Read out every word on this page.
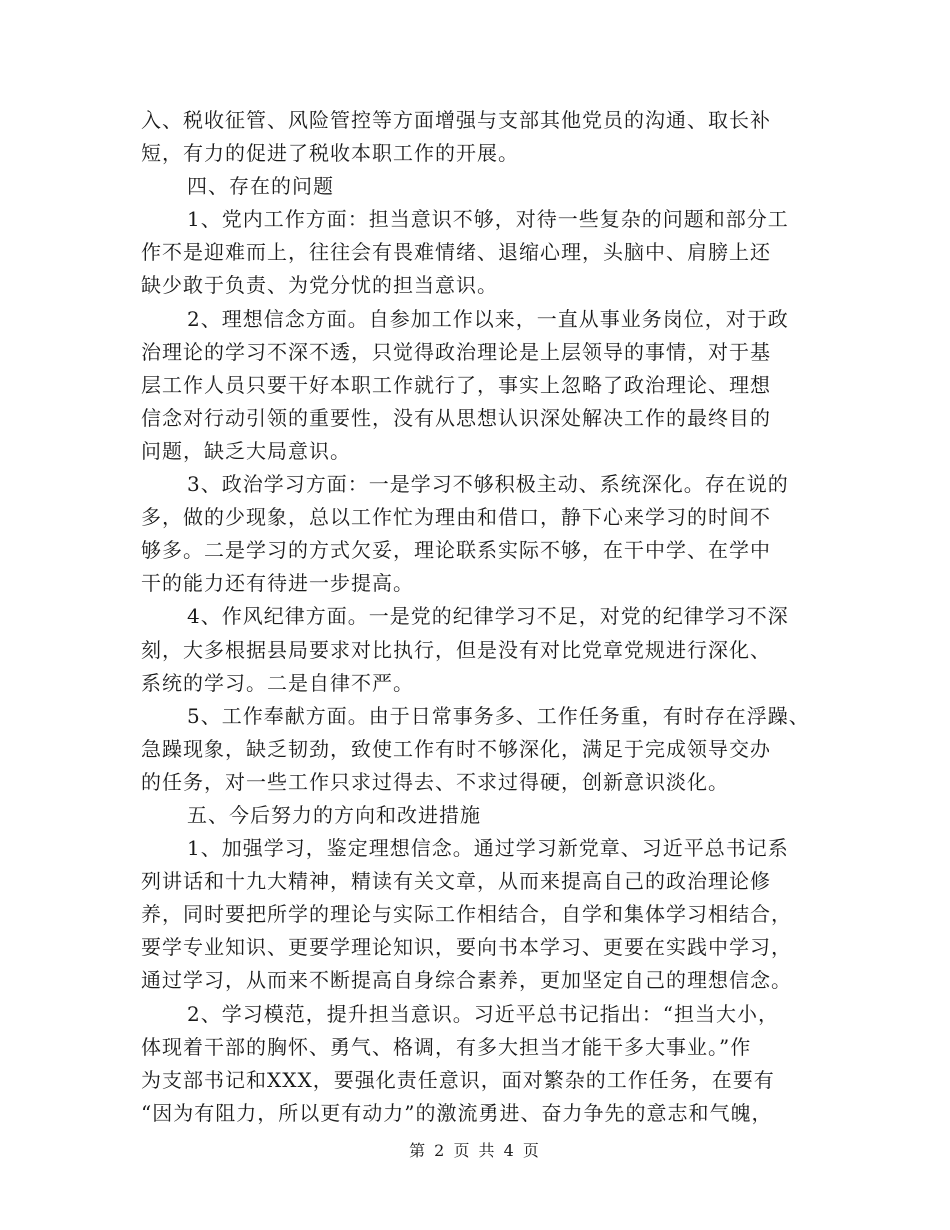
入、税收征管、风险管控等方面增强与支部其他党员的沟通、取长补
短，有力的促进了税收本职工作的开展。
四、存在的问题
1、党内工作方面：担当意识不够，对待一些复杂的问题和部分工
作不是迎难而上，往往会有畏难情绪、退缩心理，头脑中、肩膀上还
缺少敢于负责、为党分忧的担当意识。
2、理想信念方面。自参加工作以来，一直从事业务岗位，对于政
治理论的学习不深不透，只觉得政治理论是上层领导的事情，对于基
层工作人员只要干好本职工作就行了，事实上忽略了政治理论、理想
信念对行动引领的重要性，没有从思想认识深处解决工作的最终目的
问题，缺乏大局意识。
3、政治学习方面：一是学习不够积极主动、系统深化。存在说的
多，做的少现象，总以工作忙为理由和借口，静下心来学习的时间不
够多。二是学习的方式欠妥，理论联系实际不够，在干中学、在学中
干的能力还有待进一步提高。
4、作风纪律方面。一是党的纪律学习不足，对党的纪律学习不深
刻，大多根据县局要求对比执行，但是没有对比党章党规进行深化、
系统的学习。二是自律不严。
5、工作奉献方面。由于日常事务多、工作任务重，有时存在浮躁、
急躁现象，缺乏韧劲，致使工作有时不够深化，满足于完成领导交办
的任务，对一些工作只求过得去、不求过得硬，创新意识淡化。
五、今后努力的方向和改进措施
1、加强学习，鉴定理想信念。通过学习新党章、习近平总书记系
列讲话和十九大精神，精读有关文章，从而来提高自己的政治理论修
养，同时要把所学的理论与实际工作相结合，自学和集体学习相结合，
要学专业知识、更要学理论知识，要向书本学习、更要在实践中学习，
通过学习，从而来不断提高自身综合素养，更加坚定自己的理想信念。
2、学习模范，提升担当意识。习近平总书记指出：“担当大小，
体现着干部的胸怀、勇气、格调，有多大担当才能干多大事业。”作
为支部书记和XXX，要强化责任意识，面对繁杂的工作任务，在要有
“因为有阻力，所以更有动力”的激流勇进、奋力争先的意志和气魄，
第 2 页 共 4 页
